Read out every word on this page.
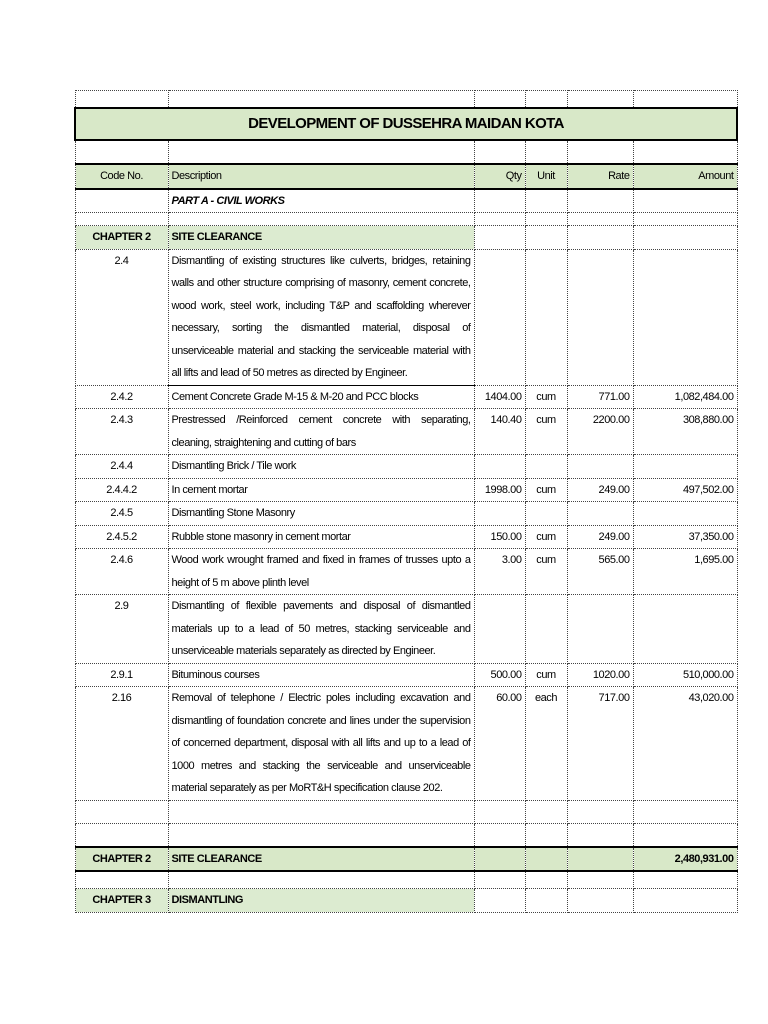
DEVELOPMENT OF DUSSEHRA MAIDAN KOTA					

Code No.	Description	Qty	Unit	Rate	Amount
	PART A - CIVIL WORKS				

CHAPTER 2	SITE CLEARANCE				
2.4	Dismantling of existing structures like culverts, bridges, retaining walls and other structure comprising of masonry, cement concrete, wood work, steel work, including T&P and scaffolding wherever necessary, sorting the dismantled material, disposal of unserviceable material and stacking the serviceable material with all lifts and lead of 50 metres as directed by Engineer.				
2.4.2	Cement Concrete Grade M-15 & M-20 and PCC blocks	1404.00	cum	771.00	1,082,484.00
2.4.3	Prestressed /Reinforced cement concrete with separating, cleaning, straightening and cutting of bars	140.40	cum	2200.00	308,880.00
2.4.4	Dismantling Brick / Tile work				
2.4.4.2	In cement mortar	1998.00	cum	249.00	497,502.00
2.4.5	Dismantling Stone Masonry				
2.4.5.2	Rubble stone masonry in cement mortar	150.00	cum	249.00	37,350.00
2.4.6	Wood work wrought framed and fixed in frames of trusses upto a height of 5 m above plinth level	3.00	cum	565.00	1,695.00
2.9	Dismantling of flexible pavements and disposal of dismantled materials up to a lead of 50 metres, stacking serviceable and unserviceable materials separately as directed by Engineer.				
2.9.1	Bituminous courses	500.00	cum	1020.00	510,000.00
2.16	Removal of telephone / Electric poles including excavation and dismantling of foundation concrete and lines under the supervision of concerned department, disposal with all lifts and up to a lead of 1000 metres and stacking the serviceable and unserviceable material separately as per MoRT&H specification clause 202.	60.00	each	717.00	43,020.00

CHAPTER 2	SITE CLEARANCE				2,480,931.00

CHAPTER 3	DISMANTLING				
